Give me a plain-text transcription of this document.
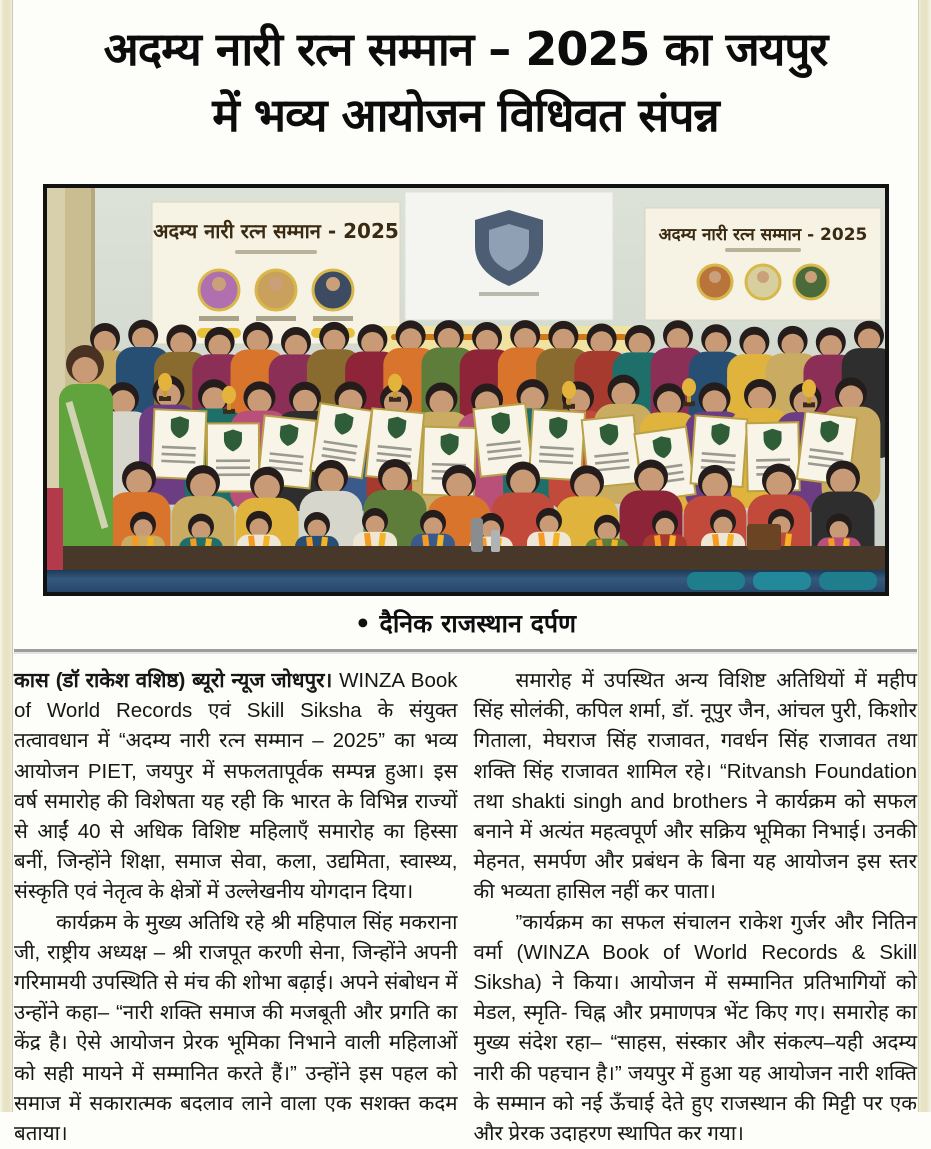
अदम्य नारी रत्न सम्मान – 2025 का जयपुर
में भव्य आयोजन विधिवत संपन्न
अदम्य नारी रत्न सम्मान - 2025	अदम्य नारी रत्न सम्मान - 2025
• दैनिक राजस्थान दर्पण

कास (डॉ राकेश वशिष्ठ) ब्यूरो न्यूज जोधपुर। WINZA Book of World Records एवं Skill Siksha के संयुक्त तत्वावधान में “अदम्य नारी रत्न सम्मान – 2025” का भव्य आयोजन PIET, जयपुर में सफलतापूर्वक सम्पन्न हुआ। इस वर्ष समारोह की विशेषता यह रही कि भारत के विभिन्न राज्यों से आईं 40 से अधिक विशिष्ट महिलाएँ समारोह का हिस्सा बनीं, जिन्होंने शिक्षा, समाज सेवा, कला, उद्यमिता, स्वास्थ्य, संस्कृति एवं नेतृत्व के क्षेत्रों में उल्लेखनीय योगदान दिया।

कार्यक्रम के मुख्य अतिथि रहे श्री महिपाल सिंह मकराना जी, राष्ट्रीय अध्यक्ष – श्री राजपूत करणी सेना, जिन्होंने अपनी गरिमामयी उपस्थिति से मंच की शोभा बढ़ाई। अपने संबोधन में उन्होंने कहा– “नारी शक्ति समाज की मजबूती और प्रगति का केंद्र है। ऐसे आयोजन प्रेरक भूमिका निभाने वाली महिलाओं को सही मायने में सम्मानित करते हैं।” उन्होंने इस पहल को समाज में सकारात्मक बदलाव लाने वाला एक सशक्त कदम बताया।

समारोह में उपस्थित अन्य विशिष्ट अतिथियों में महीप सिंह सोलंकी, कपिल शर्मा, डॉ. नूपुर जैन, आंचल पुरी, किशोर गिताला, मेघराज सिंह राजावत, गवर्धन सिंह राजावत तथा शक्ति सिंह राजावत शामिल रहे। “Ritvansh Foundation तथा shakti singh and brothers ने कार्यक्रम को सफल बनाने में अत्यंत महत्वपूर्ण और सक्रिय भूमिका निभाई। उनकी मेहनत, समर्पण और प्रबंधन के बिना यह आयोजन इस स्तर की भव्यता हासिल नहीं कर पाता।

”कार्यक्रम का सफल संचालन राकेश गुर्जर और नितिन वर्मा (WINZA Book of World Records & Skill Siksha) ने किया। आयोजन में सम्मानित प्रतिभागियों को मेडल, स्मृति- चिह्न और प्रमाणपत्र भेंट किए गए। समारोह का मुख्य संदेश रहा– “साहस, संस्कार और संकल्प–यही अदम्य नारी की पहचान है।” जयपुर में हुआ यह आयोजन नारी शक्ति के सम्मान को नई ऊँचाई देते हुए राजस्थान की मिट्टी पर एक और प्रेरक उदाहरण स्थापित कर गया।
